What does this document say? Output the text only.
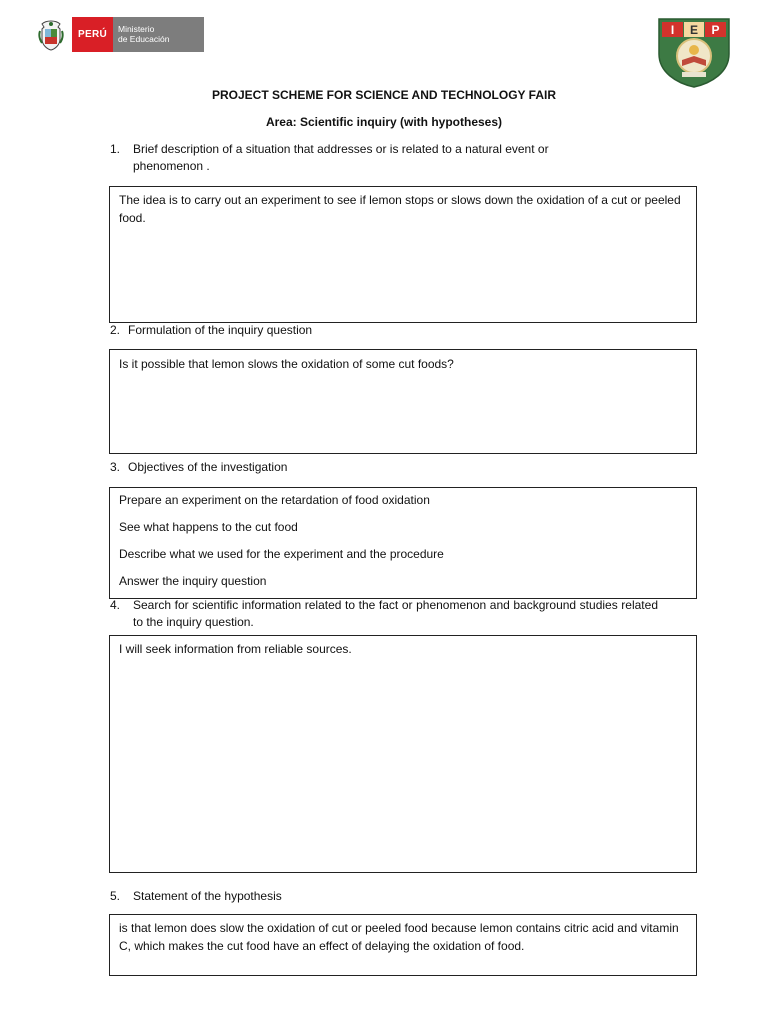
PERÚ	Ministerio
de Educación
I E P
PROJECT SCHEME FOR SCIENCE AND TECHNOLOGY FAIR
Area: Scientific inquiry (with hypotheses)
1. Brief description of a situation that addresses or is related to a natural event or
phenomenon .
The idea is to carry out an experiment to see if lemon stops or slows down the oxidation of a cut or peeled food.
2. Formulation of the inquiry question
Is it possible that lemon slows the oxidation of some cut foods?
3. Objectives of the investigation
Prepare an experiment on the retardation of food oxidation
See what happens to the cut food
Describe what we used for the experiment and the procedure
Answer the inquiry question
4. Search for scientific information related to the fact or phenomenon and background studies related to the inquiry question.
I will seek information from reliable sources.
5. Statement of the hypothesis
is that lemon does slow the oxidation of cut or peeled food because lemon contains citric acid and vitamin C, which makes the cut food have an effect of delaying the oxidation of food.
